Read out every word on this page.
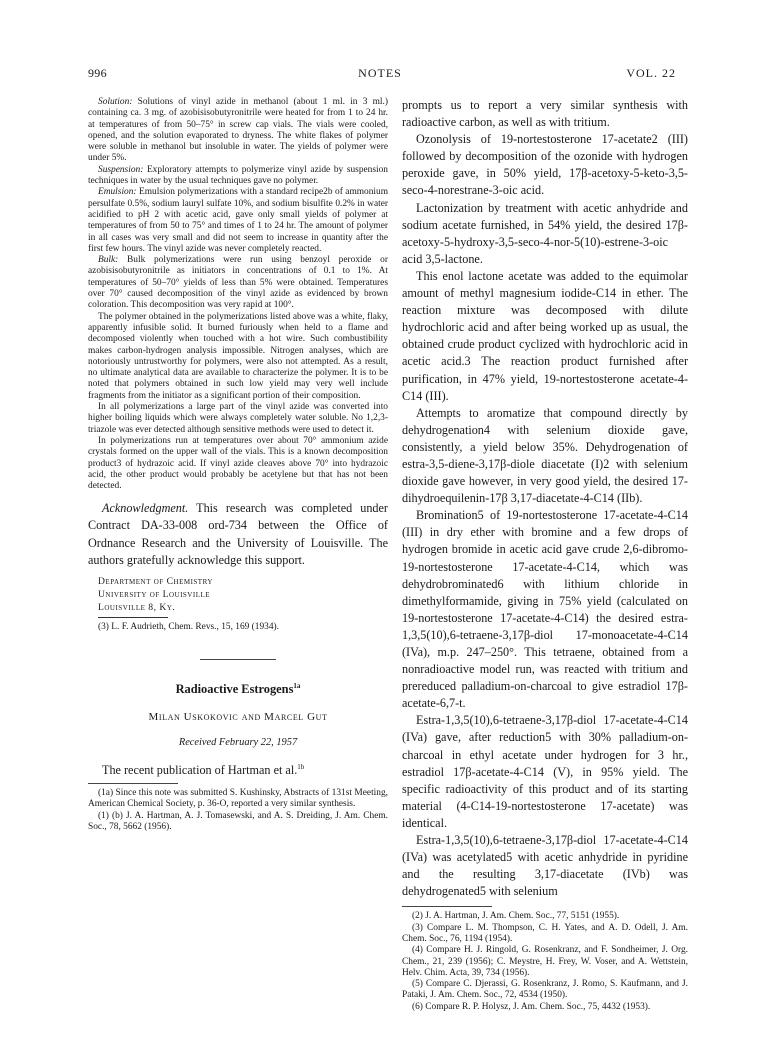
996	NOTES	VOL. 22

Solution: Solutions of vinyl azide in methanol (about 1 ml. in 3 ml.) containing ca. 3 mg. of azobisisobutyronitrile were heated for from 1 to 24 hr. at temperatures of from 50–75° in screw cap vials. The vials were cooled, opened, and the solution evaporated to dryness. The white flakes of polymer were soluble in methanol but insoluble in water. The yields of polymer were under 5%.

Suspension: Exploratory attempts to polymerize vinyl azide by suspension techniques in water by the usual techniques gave no polymer.

Emulsion: Emulsion polymerizations with a standard recipe2b of ammonium persulfate 0.5%, sodium lauryl sulfate 10%, and sodium bisulfite 0.2% in water acidified to pH 2 with acetic acid, gave only small yields of polymer at temperatures of from 50 to 75° and times of 1 to 24 hr. The amount of polymer in all cases was very small and did not seem to increase in quantity after the first few hours. The vinyl azide was never completely reacted.

Bulk: Bulk polymerizations were run using benzoyl peroxide or azobisisobutyronitrile as initiators in concentrations of 0.1 to 1%. At temperatures of 50–70° yields of less than 5% were obtained. Temperatures over 70° caused decomposition of the vinyl azide as evidenced by brown coloration. This decomposition was very rapid at 100°.

The polymer obtained in the polymerizations listed above was a white, flaky, apparently infusible solid. It burned furiously when held to a flame and decomposed violently when touched with a hot wire. Such combustibility makes carbon-hydrogen analysis impossible. Nitrogen analyses, which are notoriously untrustworthy for polymers, were also not attempted. As a result, no ultimate analytical data are available to characterize the polymer. It is to be noted that polymers obtained in such low yield may very well include fragments from the initiator as a significant portion of their composition.

In all polymerizations a large part of the vinyl azide was converted into higher boiling liquids which were always completely water soluble. No 1,2,3-triazole was ever detected although sensitive methods were used to detect it.

In polymerizations run at temperatures over about 70° ammonium azide crystals formed on the upper wall of the vials. This is a known decomposition product3 of hydrazoic acid. If vinyl azide cleaves above 70° into hydrazoic acid, the other product would probably be acetylene but that has not been detected.

Acknowledgment. This research was completed under Contract DA-33-008 ord-734 between the Office of Ordnance Research and the University of Louisville. The authors gratefully acknowledge this support.

Department of Chemistry
University of Louisville
Louisville 8, Ky.

(3) L. F. Audrieth, Chem. Revs., 15, 169 (1934).

Radioactive Estrogens$^{1a}$

Milan Uskokovic and Marcel Gut

Received February 22, 1957

The recent publication of Hartman et al.$^{1b}$

(1a) Since this note was submitted S. Kushinsky, Abstracts of 131st Meeting, American Chemical Society, p. 36-O, reported a very similar synthesis.

(1) (b) J. A. Hartman, A. J. Tomasewski, and A. S. Dreiding, J. Am. Chem. Soc., 78, 5662 (1956).

prompts us to report a very similar synthesis with radioactive carbon, as well as with tritium.

Ozonolysis of 19-nortestosterone 17-acetate2 (III) followed by decomposition of the ozonide with hydrogen peroxide gave, in 50% yield, 17β-acetoxy-5-keto-3,5-seco-4-norestrane-3-oic acid.

Lactonization by treatment with acetic anhydride and sodium acetate furnished, in 54% yield, the desired 17β-acetoxy-5-hydroxy-3,5-seco-4-nor-5(10)-estrene-3-oic acid 3,5-lactone.

This enol lactone acetate was added to the equimolar amount of methyl magnesium iodide-C14 in ether. The reaction mixture was decomposed with dilute hydrochloric acid and after being worked up as usual, the obtained crude product cyclized with hydrochloric acid in acetic acid.3 The reaction product furnished after purification, in 47% yield, 19-nortestosterone acetate-4-C14 (III).

Attempts to aromatize that compound directly by dehydrogenation4 with selenium dioxide gave, consistently, a yield below 35%. Dehydrogenation of estra-3,5-diene-3,17β-diole diacetate (I)2 with selenium dioxide gave however, in very good yield, the desired 17-dihydroequilenin-17β 3,17-diacetate-4-C14 (IIb).

Bromination5 of 19-nortestosterone 17-acetate-4-C14 (III) in dry ether with bromine and a few drops of hydrogen bromide in acetic acid gave crude 2,6-dibromo-19-nortestosterone 17-acetate-4-C14, which was dehydrobrominated6 with lithium chloride in dimethylformamide, giving in 75% yield (calculated on 19-nortestosterone 17-acetate-4-C14) the desired estra-1,3,5(10),6-tetraene-3,17β-diol 17-monoacetate-4-C14 (IVa), m.p. 247–250°. This tetraene, obtained from a nonradioactive model run, was reacted with tritium and prereduced palladium-on-charcoal to give estradiol 17β-acetate-6,7-t.

Estra-1,3,5(10),6-tetraene-3,17β-diol 17-acetate-4-C14 (IVa) gave, after reduction5 with 30% palladium-on-charcoal in ethyl acetate under hydrogen for 3 hr., estradiol 17β-acetate-4-C14 (V), in 95% yield. The specific radioactivity of this product and of its starting material (4-C14-19-nortestosterone 17-acetate) was identical.

Estra-1,3,5(10),6-tetraene-3,17β-diol 17-acetate-4-C14 (IVa) was acetylated5 with acetic anhydride in pyridine and the resulting 3,17-diacetate (IVb) was dehydrogenated5 with selenium

(2) J. A. Hartman, J. Am. Chem. Soc., 77, 5151 (1955).

(3) Compare L. M. Thompson, C. H. Yates, and A. D. Odell, J. Am. Chem. Soc., 76, 1194 (1954).

(4) Compare H. J. Ringold, G. Rosenkranz, and F. Sondheimer, J. Org. Chem., 21, 239 (1956); C. Meystre, H. Frey, W. Voser, and A. Wettstein, Helv. Chim. Acta, 39, 734 (1956).

(5) Compare C. Djerassi, G. Rosenkranz, J. Romo, S. Kaufmann, and J. Pataki, J. Am. Chem. Soc., 72, 4534 (1950).

(6) Compare R. P. Holysz, J. Am. Chem. Soc., 75, 4432 (1953).
